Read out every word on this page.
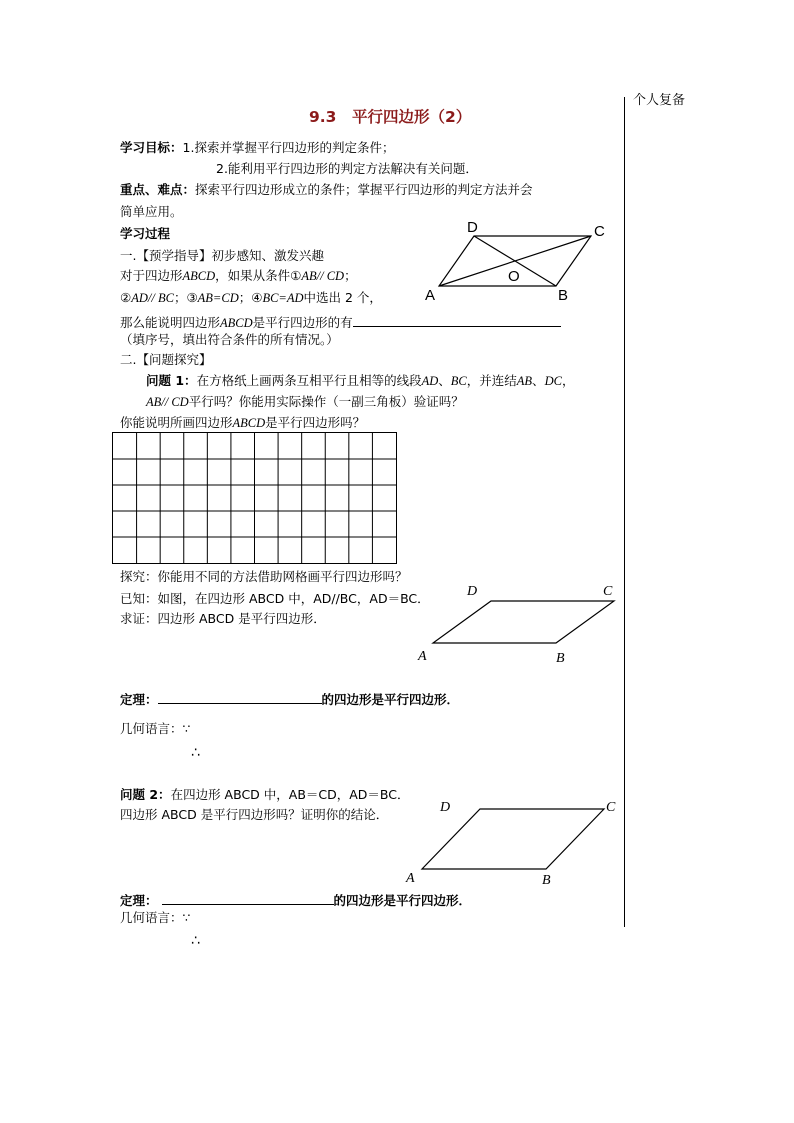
个人复备
9.3　平行四边形（2）
学习目标：1.探索并掌握平行四边形的判定条件；
2.能利用平行四边形的判定方法解决有关问题．
重点、难点：探索平行四边形成立的条件；掌握平行四边形的判定方法并会
简单应用。
学习过程
一.【预学指导】初步感知、激发兴趣
对于四边形ABCD，如果从条件①AB// CD；
②AD// BC；③AB=CD；④BC=AD中选出 2 个，
那么能说明四边形ABCD是平行四边形的有
（填序号，填出符合条件的所有情况。）
二.【问题探究】
问题 1：在方格纸上画两条互相平行且相等的线段AD、BC，并连结AB、DC，
AB// CD平行吗？你能用实际操作（一副三角板）验证吗？
你能说明所画四边形ABCD是平行四边形吗？
探究：你能用不同的方法借助网格画平行四边形吗？
已知：如图，在四边形 ABCD 中，AD//BC，AD＝BC．
求证：四边形 ABCD 是平行四边形．
定理：	的四边形是平行四边形．
几何语言：∵
∴
问题 2：在四边形 ABCD 中，AB＝CD，AD＝BC．
四边形 ABCD 是平行四边形吗？证明你的结论．
定理：	的四边形是平行四边形．
几何语言：∵
∴
D	C
O
A	B
D	C
A	B
D	C
A	B
